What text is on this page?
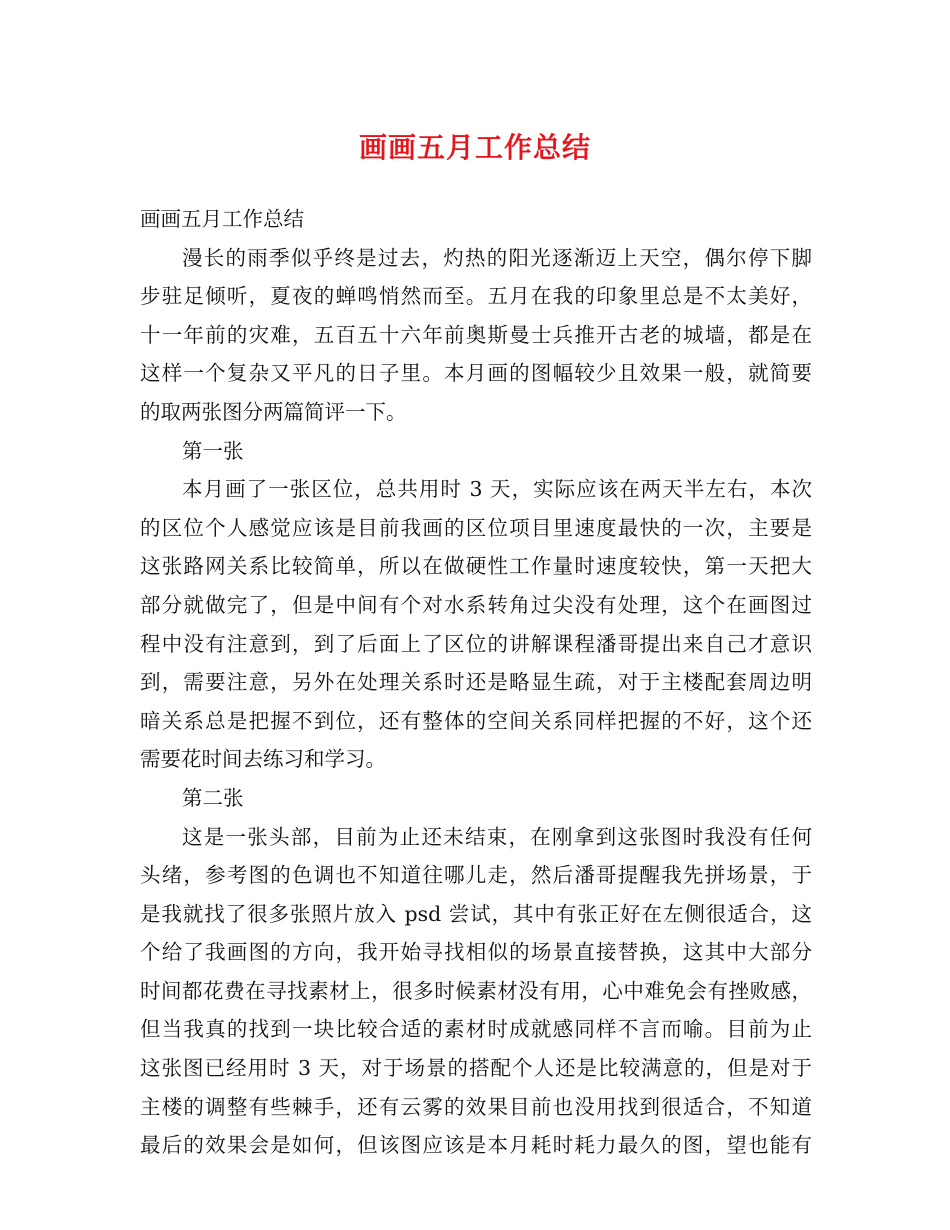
画画五月工作总结
画画五月工作总结
漫长的雨季似乎终是过去，灼热的阳光逐渐迈上天空，偶尔停下脚
步驻足倾听，夏夜的蝉鸣悄然而至。五月在我的印象里总是不太美好，
十一年前的灾难，五百五十六年前奥斯曼士兵推开古老的城墙，都是在
这样一个复杂又平凡的日子里。本月画的图幅较少且效果一般，就简要
的取两张图分两篇简评一下。
第一张
本月画了一张区位，总共用时 3 天，实际应该在两天半左右，本次
的区位个人感觉应该是目前我画的区位项目里速度最快的一次，主要是
这张路网关系比较简单，所以在做硬性工作量时速度较快，第一天把大
部分就做完了，但是中间有个对水系转角过尖没有处理，这个在画图过
程中没有注意到，到了后面上了区位的讲解课程潘哥提出来自己才意识
到，需要注意，另外在处理关系时还是略显生疏，对于主楼配套周边明
暗关系总是把握不到位，还有整体的空间关系同样把握的不好，这个还
需要花时间去练习和学习。
第二张
这是一张头部，目前为止还未结束，在刚拿到这张图时我没有任何
头绪，参考图的色调也不知道往哪儿走，然后潘哥提醒我先拼场景，于
是我就找了很多张照片放入 psd 尝试，其中有张正好在左侧很适合，这
个给了我画图的方向，我开始寻找相似的场景直接替换，这其中大部分
时间都花费在寻找素材上，很多时候素材没有用，心中难免会有挫败感，
但当我真的找到一块比较合适的素材时成就感同样不言而喻。目前为止
这张图已经用时 3 天，对于场景的搭配个人还是比较满意的，但是对于
主楼的调整有些棘手，还有云雾的效果目前也没用找到很适合，不知道
最后的效果会是如何，但该图应该是本月耗时耗力最久的图，望也能有
